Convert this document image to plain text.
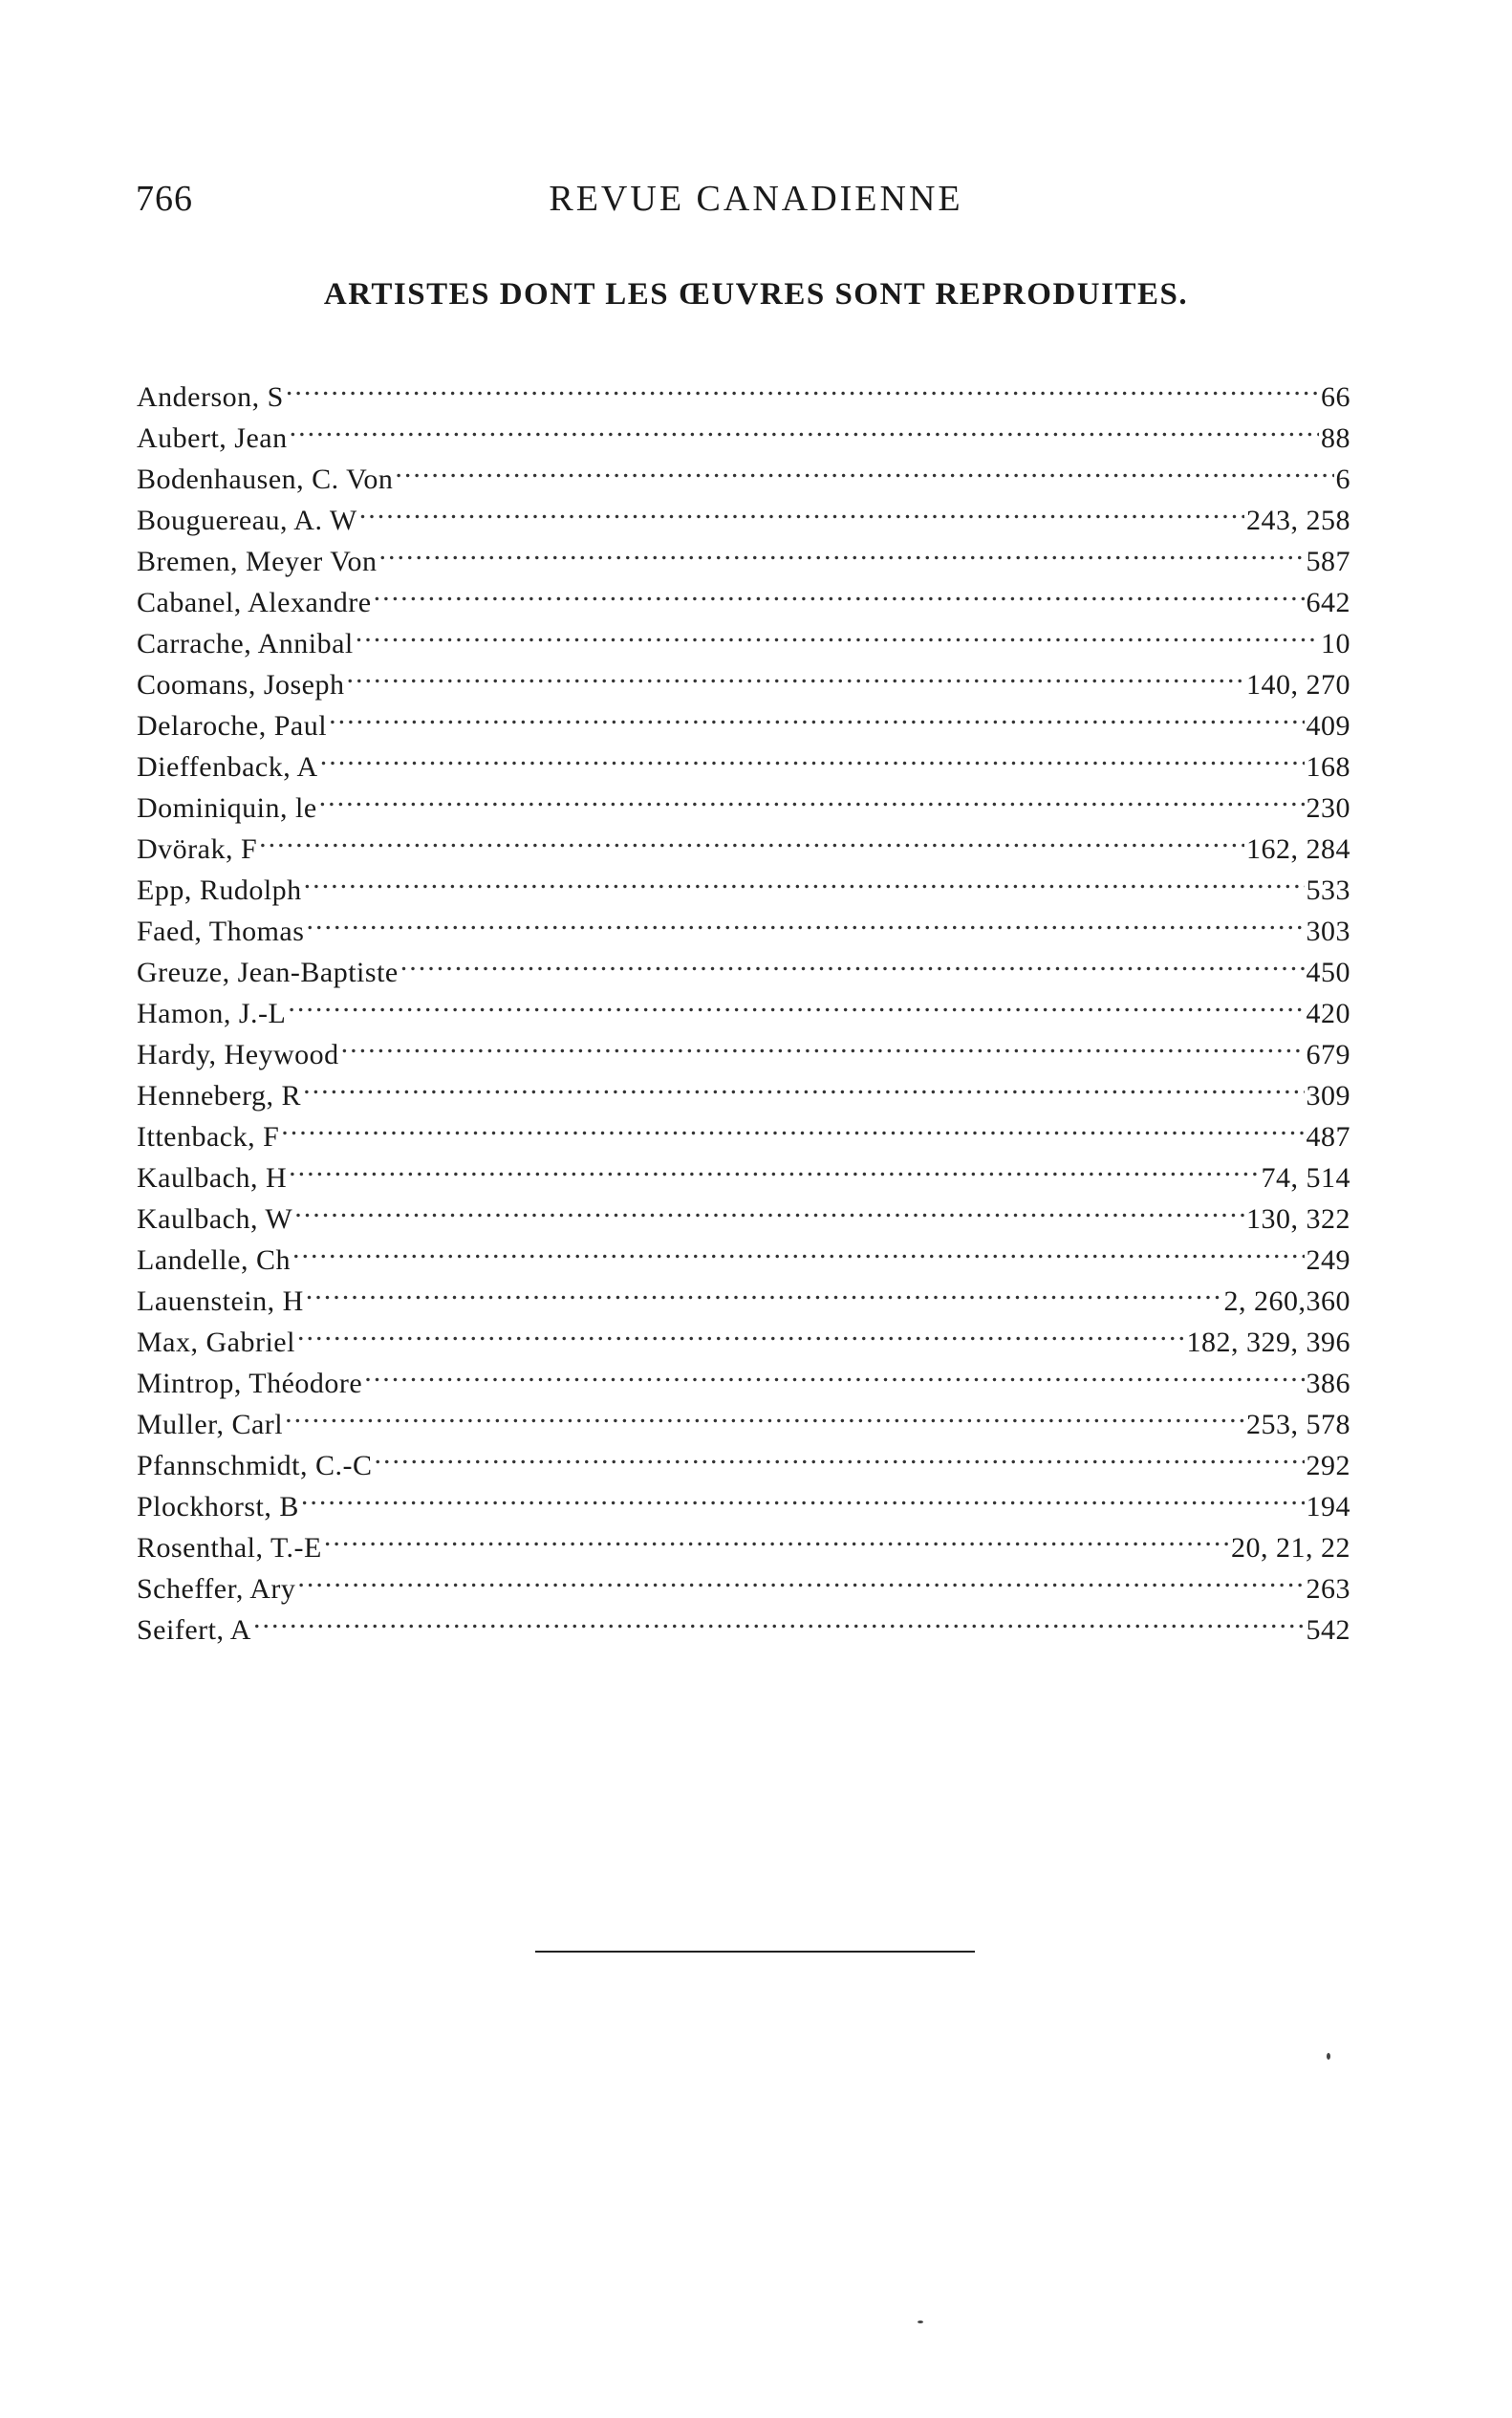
766	REVUE CANADIENNE
ARTISTES DONT LES ŒUVRES SONT REPRODUITES.
Anderson, S .....	66
Aubert, Jean .....	88
Bodenhausen, C. Von .....	6
Bouguereau, A. W .....	243, 258
Bremen, Meyer Von .....	587
Cabanel, Alexandre .....	642
Carrache, Annibal .....	10
Coomans, Joseph .....	140, 270
Delaroche, Paul .....	409
Dieffenback, A .....	168
Dominiquin, le .....	230
Dvörak, F .....	162, 284
Epp, Rudolph .....	533
Faed, Thomas .....	303
Greuze, Jean-Baptiste .....	450
Hamon, J.-L .....	420
Hardy, Heywood .....	679
Henneberg, R .....	309
Ittenback, F .....	487
Kaulbach, H .....	74, 514
Kaulbach, W .....	130, 322
Landelle, Ch .....	249
Lauenstein, H .....	2, 260,360
Max, Gabriel .....	182, 329, 396
Mintrop, Théodore .....	386
Muller, Carl .....	253, 578
Pfannschmidt, C.-C .....	292
Plockhorst, B .....	194
Rosenthal, T.-E .....	20, 21, 22
Scheffer, Ary .....	263
Seifert, A .....	542
